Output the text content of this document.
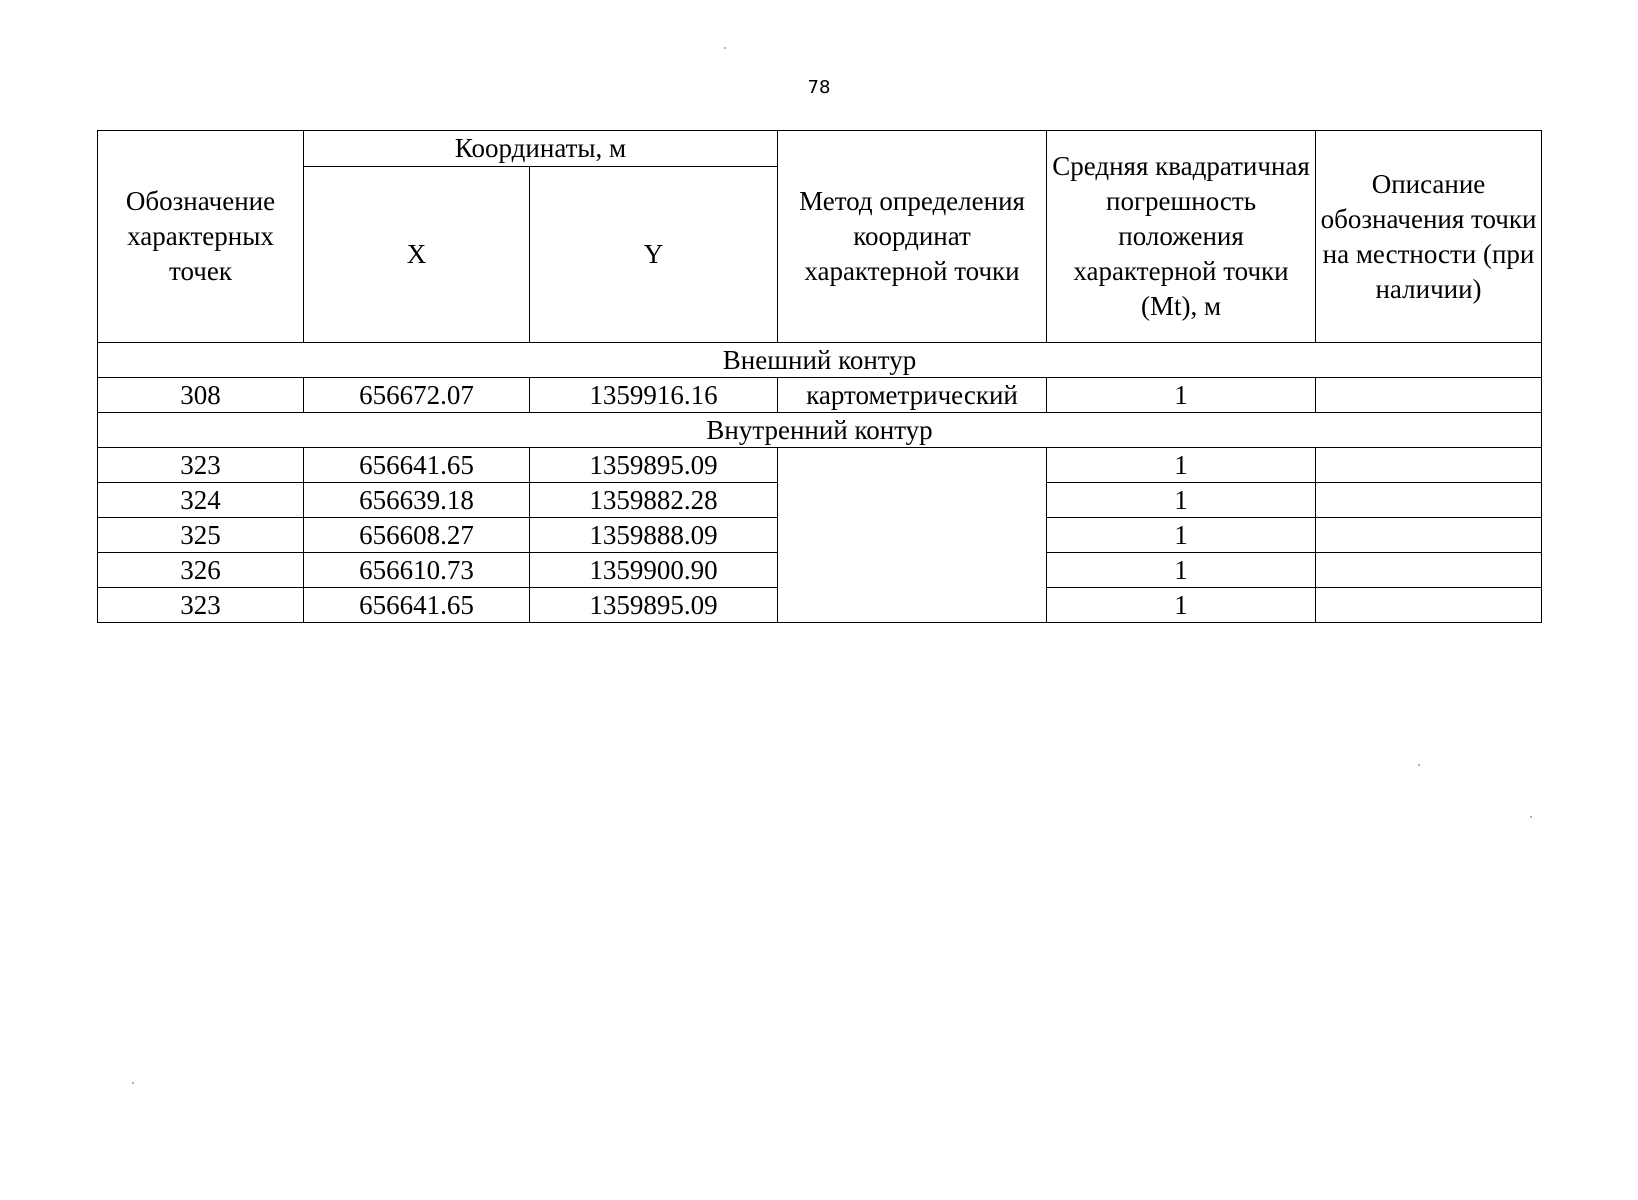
78
Обозначение характерных точек	Координаты, м		Метод определения координат характерной точки	Средняя квадратичная погрешность положения характерной точки (Mt), м	Описание обозначения точки на местности (при наличии)
	X	Y			
Внешний контур					
308	656672.07	1359916.16	картометрический	1	
Внутренний контур					
323	656641.65	1359895.09		1	
324	656639.18	1359882.28		1	
325	656608.27	1359888.09		1	
326	656610.73	1359900.90		1	
323	656641.65	1359895.09		1	
